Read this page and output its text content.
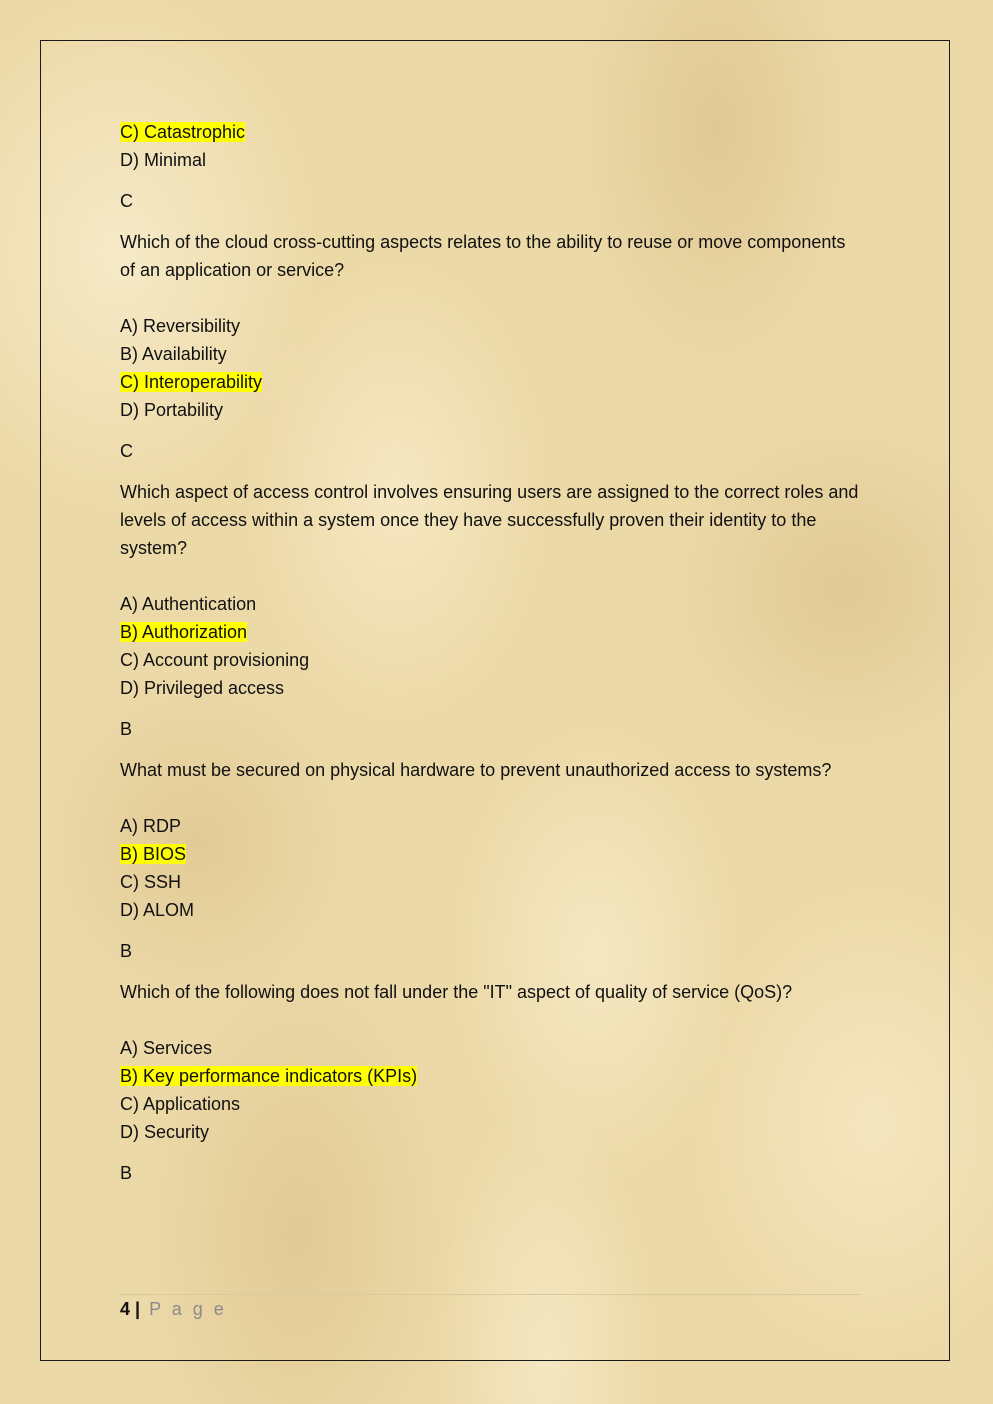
C) Catastrophic
D) Minimal
C
Which of the cloud cross-cutting aspects relates to the ability to reuse or move components of an application or service?
A) Reversibility
B) Availability
C) Interoperability
D) Portability
C
Which aspect of access control involves ensuring users are assigned to the correct roles and levels of access within a system once they have successfully proven their identity to the system?
A) Authentication
B) Authorization
C) Account provisioning
D) Privileged access
B
What must be secured on physical hardware to prevent unauthorized access to systems?
A) RDP
B) BIOS
C) SSH
D) ALOM
B
Which of the following does not fall under the "IT" aspect of quality of service (QoS)?
A) Services
B) Key performance indicators (KPIs)
C) Applications
D) Security
B
4 | P a g e
